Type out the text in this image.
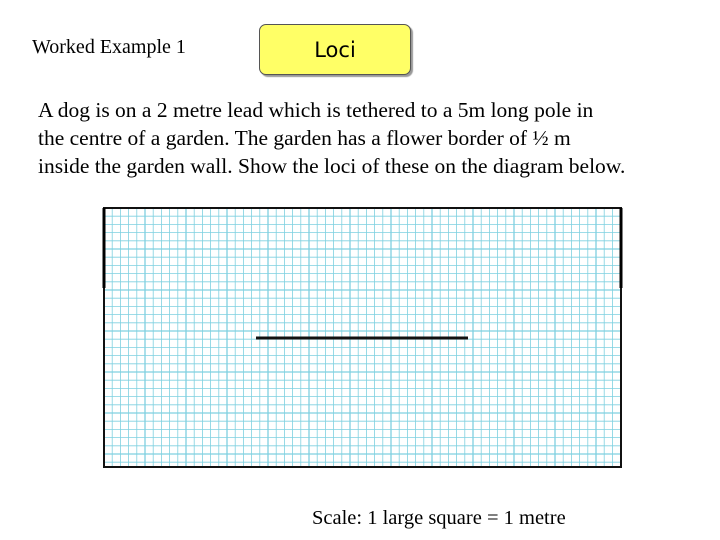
Worked Example 1	Loci
A dog is on a 2 metre lead which is tethered to a 5m long pole in
the centre of a garden. The garden has a flower border of ½ m
inside the garden wall. Show the loci of these on the diagram below.
Scale: 1 large square = 1 metre
